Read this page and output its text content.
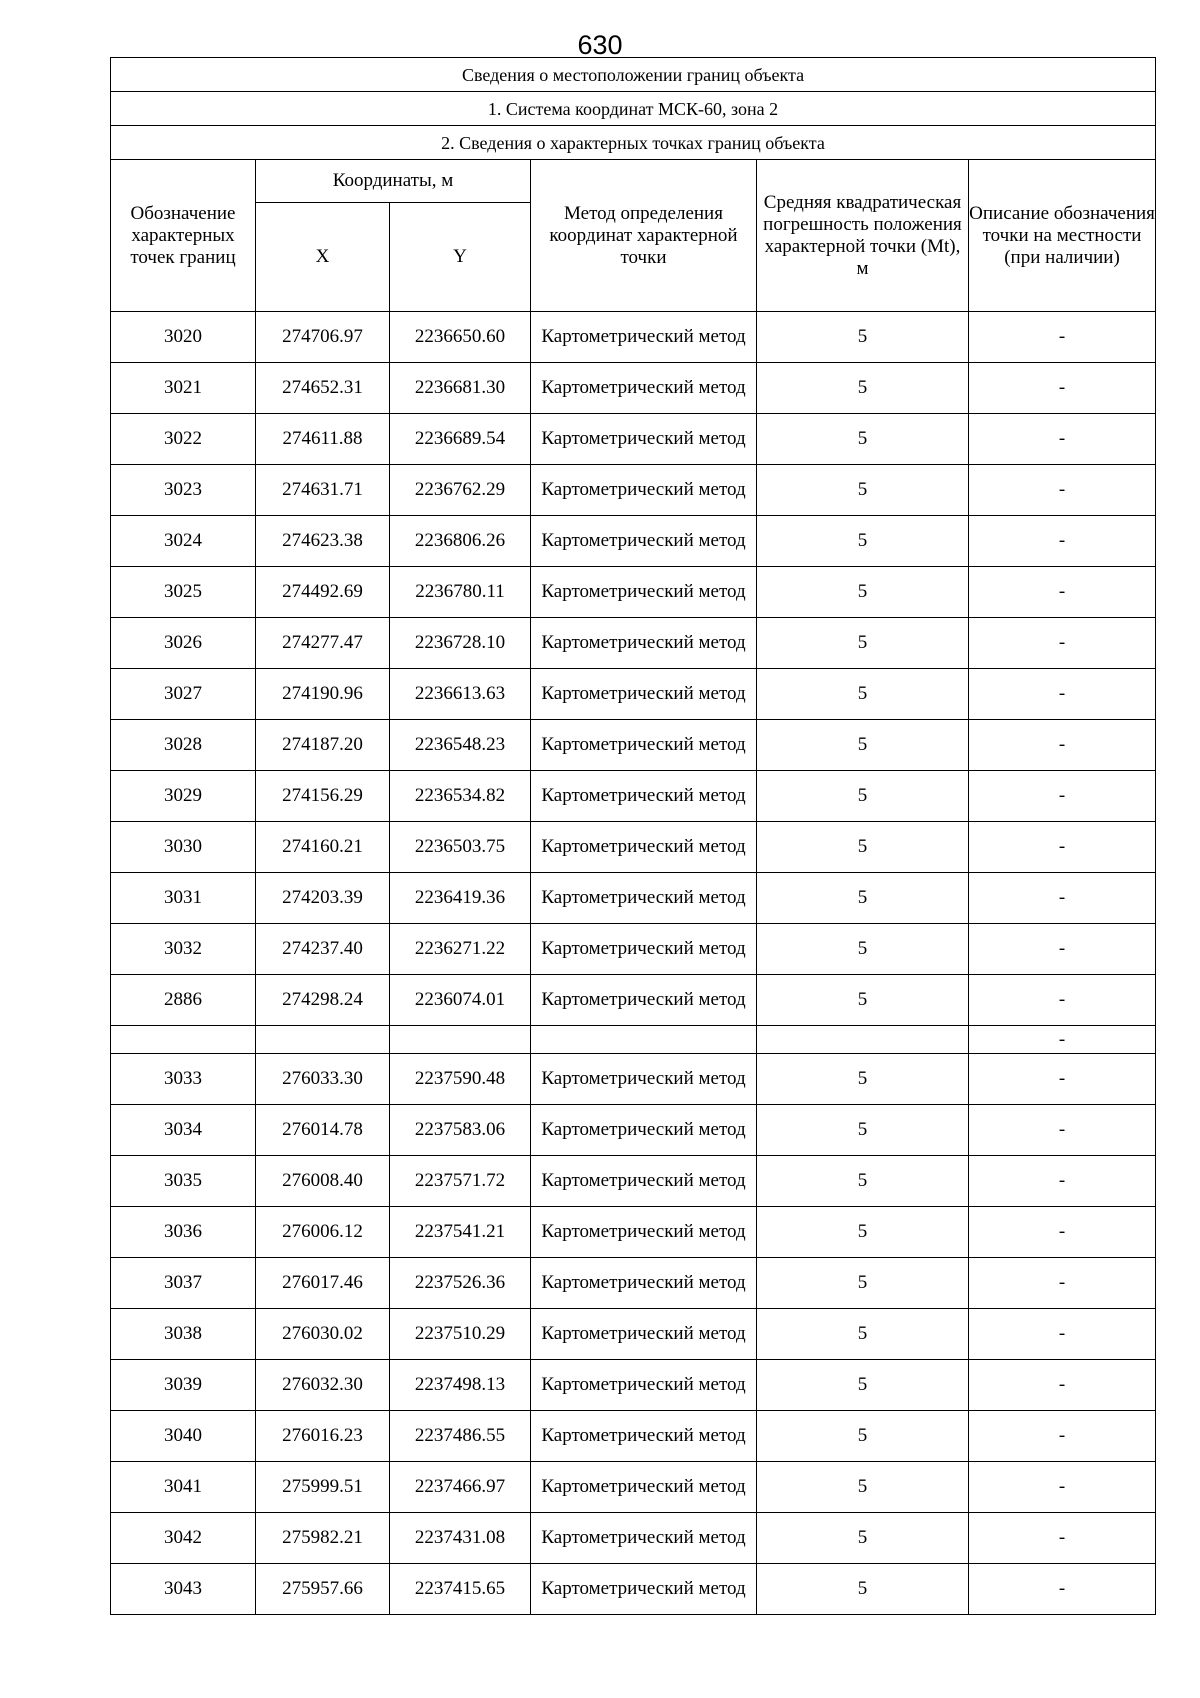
630
Сведения о местоположении границ объекта					
1. Система координат МСК-60, зона 2					
2. Сведения о характерных точках границ объекта					
Обозначение характерных точек границ	Координаты, м		Метод определения координат характерной точки	Средняя квадратическая погрешность положения характерной точки (Mt), м	Описание обозначения точки на местности (при наличии)
	X	Y			
3020	274706.97	2236650.60	Картометрический метод	5	-
3021	274652.31	2236681.30	Картометрический метод	5	-
3022	274611.88	2236689.54	Картометрический метод	5	-
3023	274631.71	2236762.29	Картометрический метод	5	-
3024	274623.38	2236806.26	Картометрический метод	5	-
3025	274492.69	2236780.11	Картометрический метод	5	-
3026	274277.47	2236728.10	Картометрический метод	5	-
3027	274190.96	2236613.63	Картометрический метод	5	-
3028	274187.20	2236548.23	Картометрический метод	5	-
3029	274156.29	2236534.82	Картометрический метод	5	-
3030	274160.21	2236503.75	Картометрический метод	5	-
3031	274203.39	2236419.36	Картометрический метод	5	-
3032	274237.40	2236271.22	Картометрический метод	5	-
2886	274298.24	2236074.01	Картометрический метод	5	-
					-
3033	276033.30	2237590.48	Картометрический метод	5	-
3034	276014.78	2237583.06	Картометрический метод	5	-
3035	276008.40	2237571.72	Картометрический метод	5	-
3036	276006.12	2237541.21	Картометрический метод	5	-
3037	276017.46	2237526.36	Картометрический метод	5	-
3038	276030.02	2237510.29	Картометрический метод	5	-
3039	276032.30	2237498.13	Картометрический метод	5	-
3040	276016.23	2237486.55	Картометрический метод	5	-
3041	275999.51	2237466.97	Картометрический метод	5	-
3042	275982.21	2237431.08	Картометрический метод	5	-
3043	275957.66	2237415.65	Картометрический метод	5	-
